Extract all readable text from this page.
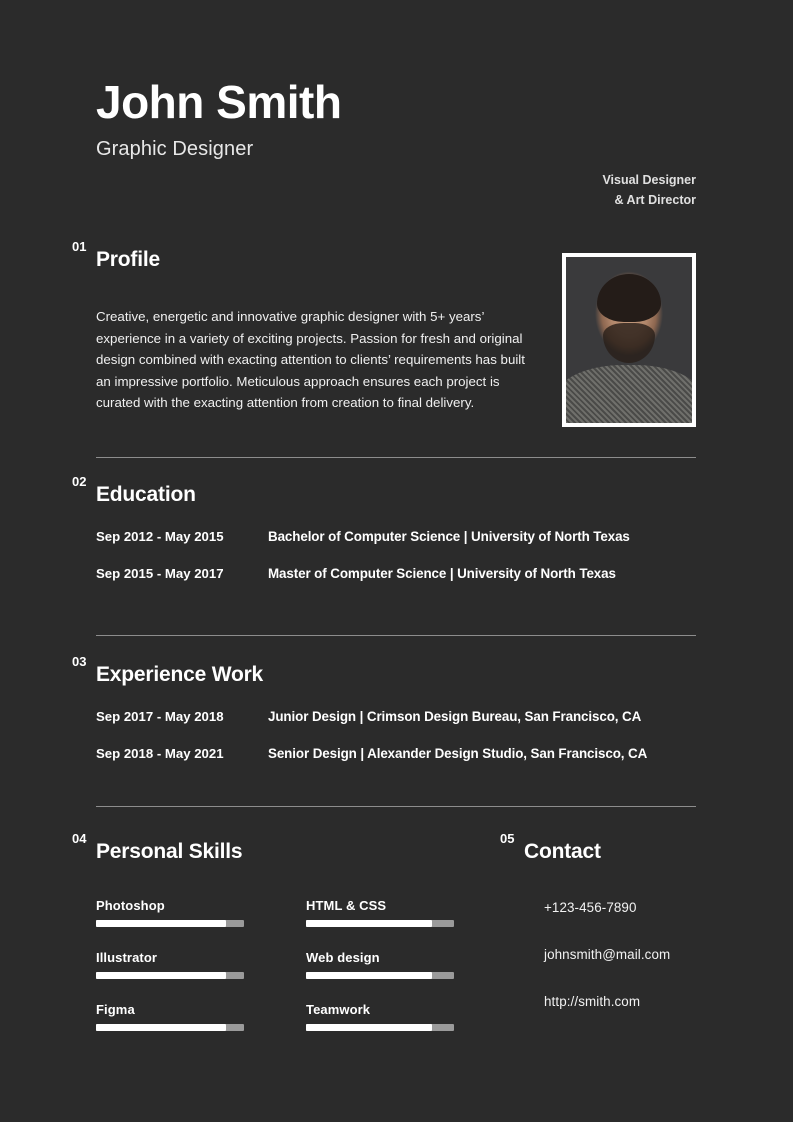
John Smith
Graphic Designer
Visual Designer
& Art Director
01
Profile
Creative, energetic and innovative graphic designer with 5+ years’ experience in a variety of exciting projects. Passion for fresh and original design combined with exacting attention to clients’ requirements has built an impressive portfolio. Meticulous approach ensures each project is curated with the exacting attention from creation to final delivery.
02
Education
Sep 2012 - May 2015	Bachelor of Computer Science | University of North Texas
Sep 2015 - May 2017	Master of Computer Science | University of North Texas
03
Experience Work
Sep 2017 - May 2018	Junior Design | Crimson Design Bureau, San Francisco, CA
Sep 2018 - May 2021	Senior Design | Alexander Design Studio, San Francisco, CA
04
Personal Skills
Photoshop
Illustrator
Figma
HTML & CSS
Web design
Teamwork
05
Contact
+123-456-7890
johnsmith@mail.com
http://smith.com
